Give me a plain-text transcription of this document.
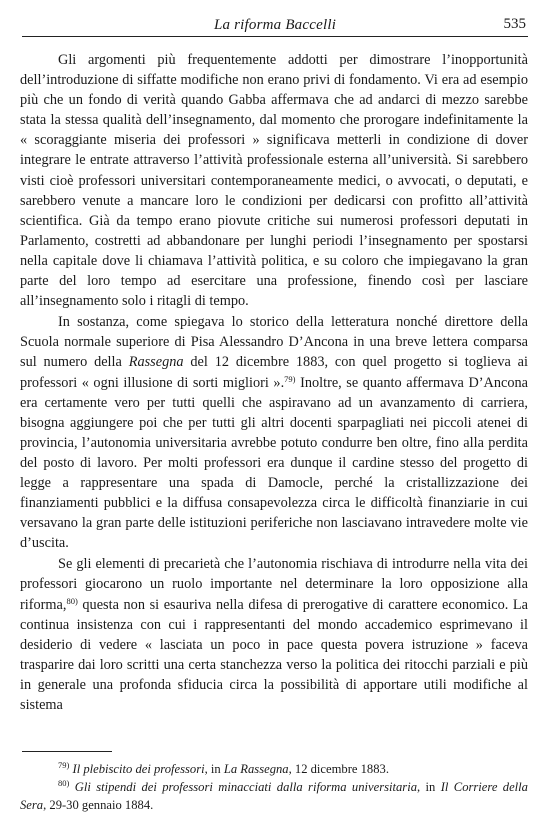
La riforma Baccelli	535

Gli argomenti più frequentemente addotti per dimostrare l’inopportunità dell’introduzione di siffatte modifiche non erano privi di fondamento. Vi era ad esempio più che un fondo di verità quando Gabba affermava che ad andarci di mezzo sarebbe stata la stessa qualità dell’insegnamento, dal momento che prorogare indefinitamente la « scoraggiante miseria dei professori » significava metterli in condizione di dover integrare le entrate attraverso l’attività professionale esterna all’università. Si sarebbero visti cioè professori universitari contemporaneamente medici, o avvocati, o deputati, e sarebbero venute a mancare loro le condizioni per dedicarsi con profitto all’attività scientifica. Già da tempo erano piovute critiche sui numerosi professori deputati in Parlamento, costretti ad abbandonare per lunghi periodi l’insegnamento per spostarsi nella capitale dove li chiamava l’attività politica, e su coloro che impiegavano la gran parte del loro tempo ad esercitare una professione, finendo così per lasciare all’insegnamento solo i ritagli di tempo.

In sostanza, come spiegava lo storico della letteratura nonché direttore della Scuola normale superiore di Pisa Alessandro D’Ancona in una breve lettera comparsa sul numero della Rassegna del 12 dicembre 1883, con quel progetto si toglieva ai professori « ogni illusione di sorti migliori ».$^{79)}$ Inoltre, se quanto affermava D’Ancona era certamente vero per tutti quelli che aspiravano ad un avanzamento di carriera, bisogna aggiungere poi che per tutti gli altri docenti sparpagliati nei piccoli atenei di provincia, l’autonomia universitaria avrebbe potuto condurre ben oltre, fino alla perdita del posto di lavoro. Per molti professori era dunque il cardine stesso del progetto di legge a rappresentare una spada di Damocle, perché la cristallizzazione dei finanziamenti pubblici e la diffusa consapevolezza circa le difficoltà finanziarie in cui versavano la gran parte delle istituzioni periferiche non lasciavano intravedere molte vie d’uscita.

Se gli elementi di precarietà che l’autonomia rischiava di introdurre nella vita dei professori giocarono un ruolo importante nel determinare la loro opposizione alla riforma,$^{80)}$ questa non si esauriva nella difesa di prerogative di carattere economico. La continua insistenza con cui i rappresentanti del mondo accademico esprimevano il desiderio di vedere « lasciata un poco in pace questa povera istruzione » faceva trasparire dai loro scritti una certa stanchezza verso la politica dei ritocchi parziali e più in generale una profonda sfiducia circa la possibilità di apportare utili modifiche al sistema

$^{79)}$ Il plebiscito dei professori, in La Rassegna, 12 dicembre 1883.

$^{80)}$ Gli stipendi dei professori minacciati dalla riforma universitaria, in Il Corriere della Sera, 29-30 gennaio 1884.
